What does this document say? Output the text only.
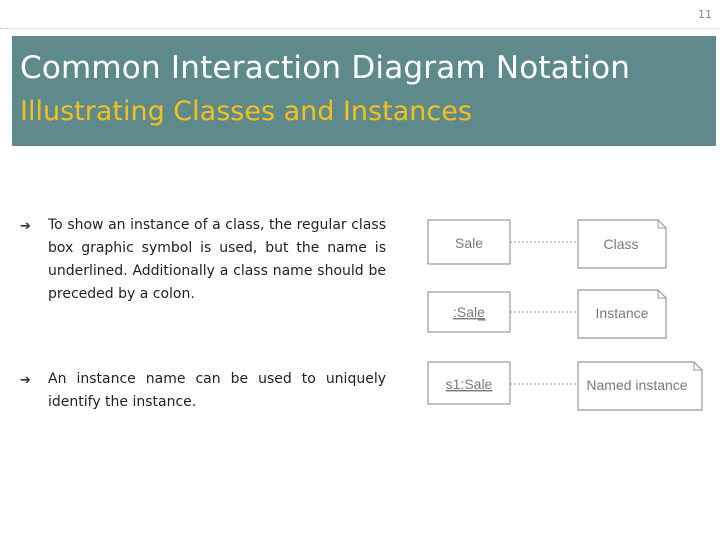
11
Common Interaction Diagram Notation
Illustrating Classes and Instances
➔	To show an instance of a class, the regular class box graphic symbol is used, but the name is underlined. Additionally a class name should be preceded by a colon.
➔	An instance name can be used to uniquely identify the instance.
Sale	Class
:Sale	Instance
s1:Sale	Named instance
